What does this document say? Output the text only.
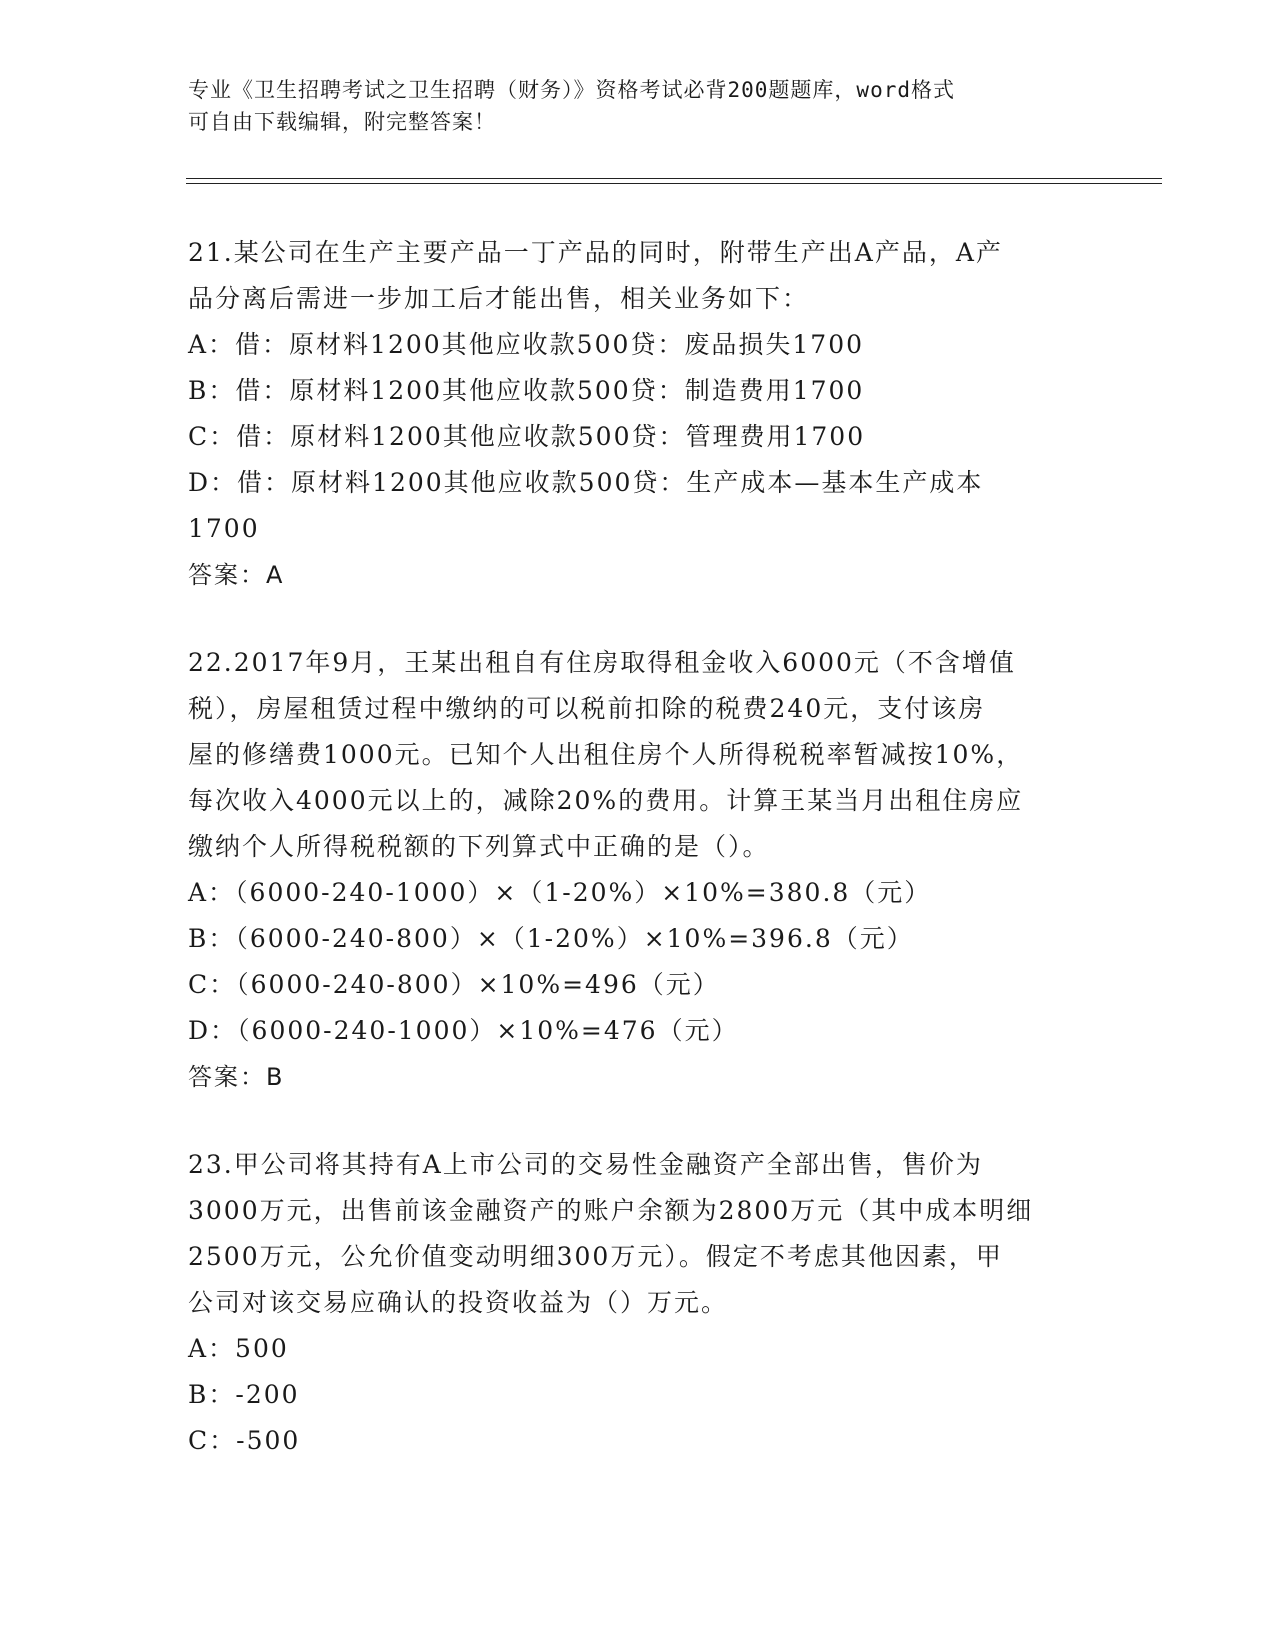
专业《卫生招聘考试之卫生招聘（财务）》资格考试必背200题题库，word格式
可自由下载编辑，附完整答案！
21.某公司在生产主要产品一丁产品的同时，附带生产出A产品，A产
品分离后需进一步加工后才能出售，相关业务如下：
A：借：原材料1200其他应收款500贷：废品损失1700
B：借：原材料1200其他应收款500贷：制造费用1700
C：借：原材料1200其他应收款500贷：管理费用1700
D：借：原材料1200其他应收款500贷：生产成本—基本生产成本
1700
答案：A
22.2017年9月，王某出租自有住房取得租金收入6000元（不含增值
税），房屋租赁过程中缴纳的可以税前扣除的税费240元，支付该房
屋的修缮费1000元。已知个人出租住房个人所得税税率暂减按10%，
每次收入4000元以上的，减除20%的费用。计算王某当月出租住房应
缴纳个人所得税税额的下列算式中正确的是（）。
A：（6000-240-1000）×（1-20%）×10%=380.8（元）
B：（6000-240-800）×（1-20%）×10%=396.8（元）
C：（6000-240-800）×10%=496（元）
D：（6000-240-1000）×10%=476（元）
答案：B
23.甲公司将其持有A上市公司的交易性金融资产全部出售，售价为
3000万元，出售前该金融资产的账户余额为2800万元（其中成本明细
2500万元，公允价值变动明细300万元）。假定不考虑其他因素，甲
公司对该交易应确认的投资收益为（）万元。
A：500
B：-200
C：-500
